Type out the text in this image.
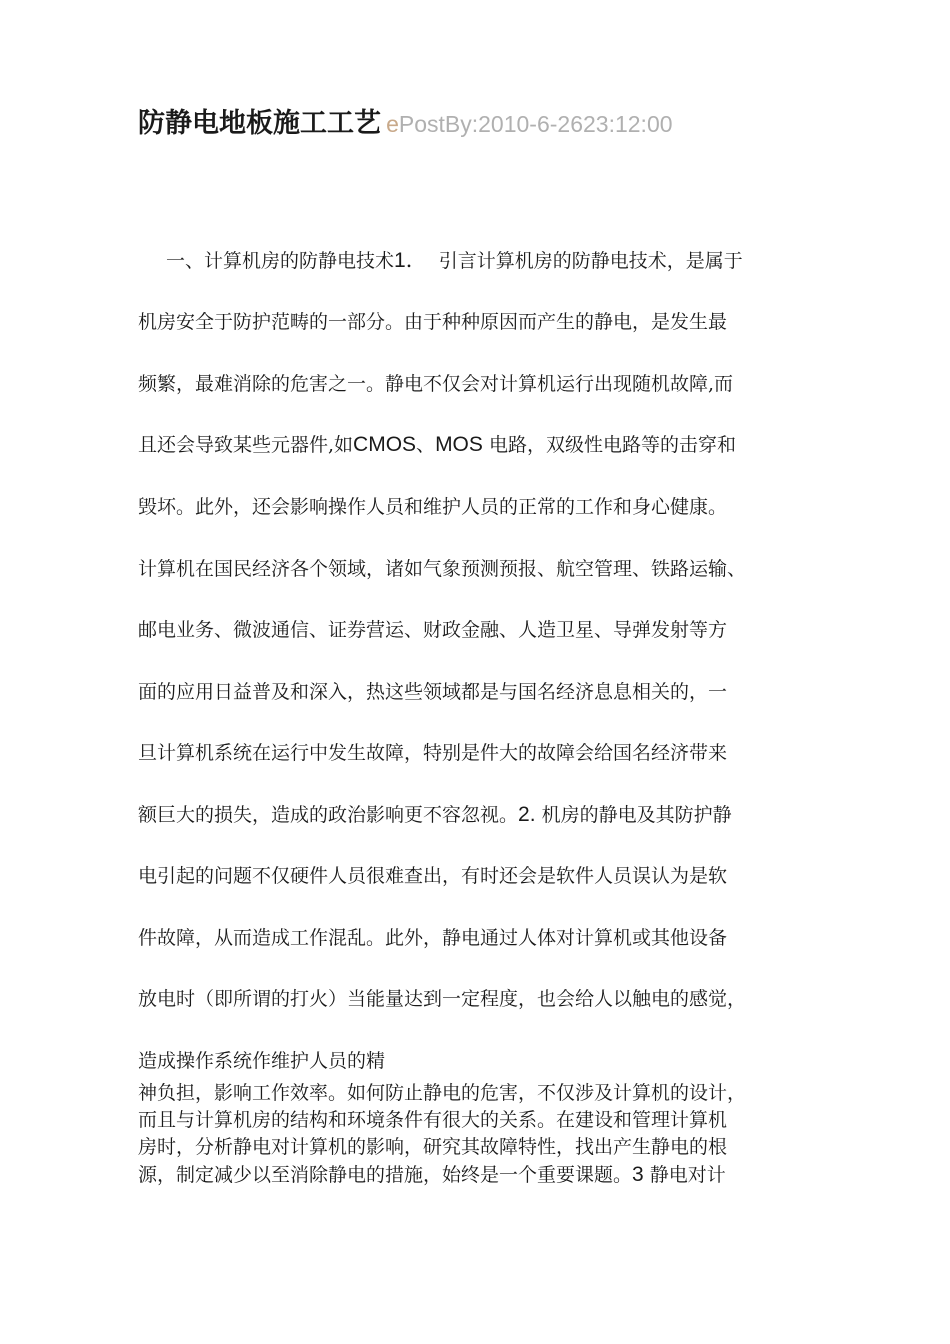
防静电地板施工工艺 ePostBy:2010-6-2623:12:00
一、计算机房的防静电技术1． 引言计算机房的防静电技术，是属于
机房安全于防护范畴的一部分。由于种种原因而产生的静电，是发生最
频繁，最难消除的危害之一。静电不仅会对计算机运行出现随机故障,而
且还会导致某些元器件,如CMOS、MOS 电路，双级性电路等的击穿和
毁坏。此外，还会影响操作人员和维护人员的正常的工作和身心健康。
计算机在国民经济各个领域，诸如气象预测预报、航空管理、铁路运输、
邮电业务、微波通信、证券营运、财政金融、人造卫星、导弹发射等方
面的应用日益普及和深入，热这些领域都是与国名经济息息相关的，一
旦计算机系统在运行中发生故障，特别是件大的故障会给国名经济带来
额巨大的损失，造成的政治影响更不容忽视。2. 机房的静电及其防护静
电引起的问题不仅硬件人员很难查出，有时还会是软件人员误认为是软
件故障，从而造成工作混乱。此外，静电通过人体对计算机或其他设备
放电时（即所谓的打火）当能量达到一定程度，也会给人以触电的感觉，
造成操作系统作维护人员的精
神负担，影响工作效率。如何防止静电的危害，不仅涉及计算机的设计，
而且与计算机房的结构和环境条件有很大的关系。在建设和管理计算机
房时，分析静电对计算机的影响，研究其故障特性，找出产生静电的根
源，制定减少以至消除静电的措施，始终是一个重要课题。3 静电对计
